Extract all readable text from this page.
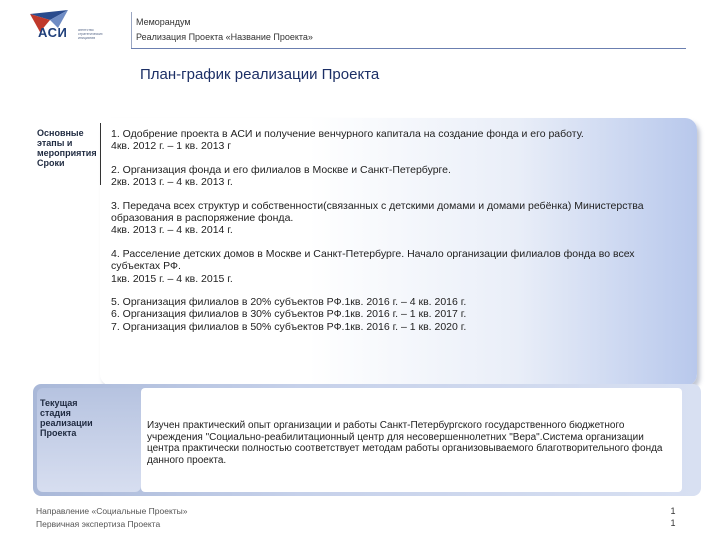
АСИ	агентство стратегических инициатив
Меморандум
Реализация Проекта «Название Проекта»
План-график реализации Проекта
Основные этапы и мероприятия Сроки

1. Одобрение проекта в АСИ и получение венчурного капитала на создание фонда и его работу.
4кв. 2012 г. – 1 кв. 2013 г

2. Организация фонда и его филиалов в Москве и Санкт-Петербурге.
2кв. 2013 г. – 4 кв. 2013 г.

3. Передача всех структур и собственности(связанных с детскими домами и домами ребёнка) Министерства образования в распоряжение фонда.
4кв. 2013 г. – 4 кв. 2014 г.

4. Расселение детских домов в Москве и Санкт-Петербурге. Начало организации филиалов фонда во всех субъектах РФ.
1кв. 2015 г. – 4 кв. 2015 г.

5. Организация филиалов в 20% субъектов РФ.1кв. 2016 г. – 4 кв. 2016 г.
6. Организация филиалов в 30% субъектов РФ.1кв. 2016 г. – 1 кв. 2017 г.
7. Организация филиалов в 50% субъектов РФ.1кв. 2016 г. – 1 кв. 2020 г.

Текущая стадия реализации Проекта
Изучен практический опыт организации и работы Санкт-Петербургского государственного бюджетного учреждения "Социально-реабилитационный центр для несовершеннолетних "Вера".Система организации центра практически полностью соответствует методам работы организовываемого благотворительного фонда данного проекта.
Направление «Социальные Проекты»
Первичная экспертиза Проекта
1
1
